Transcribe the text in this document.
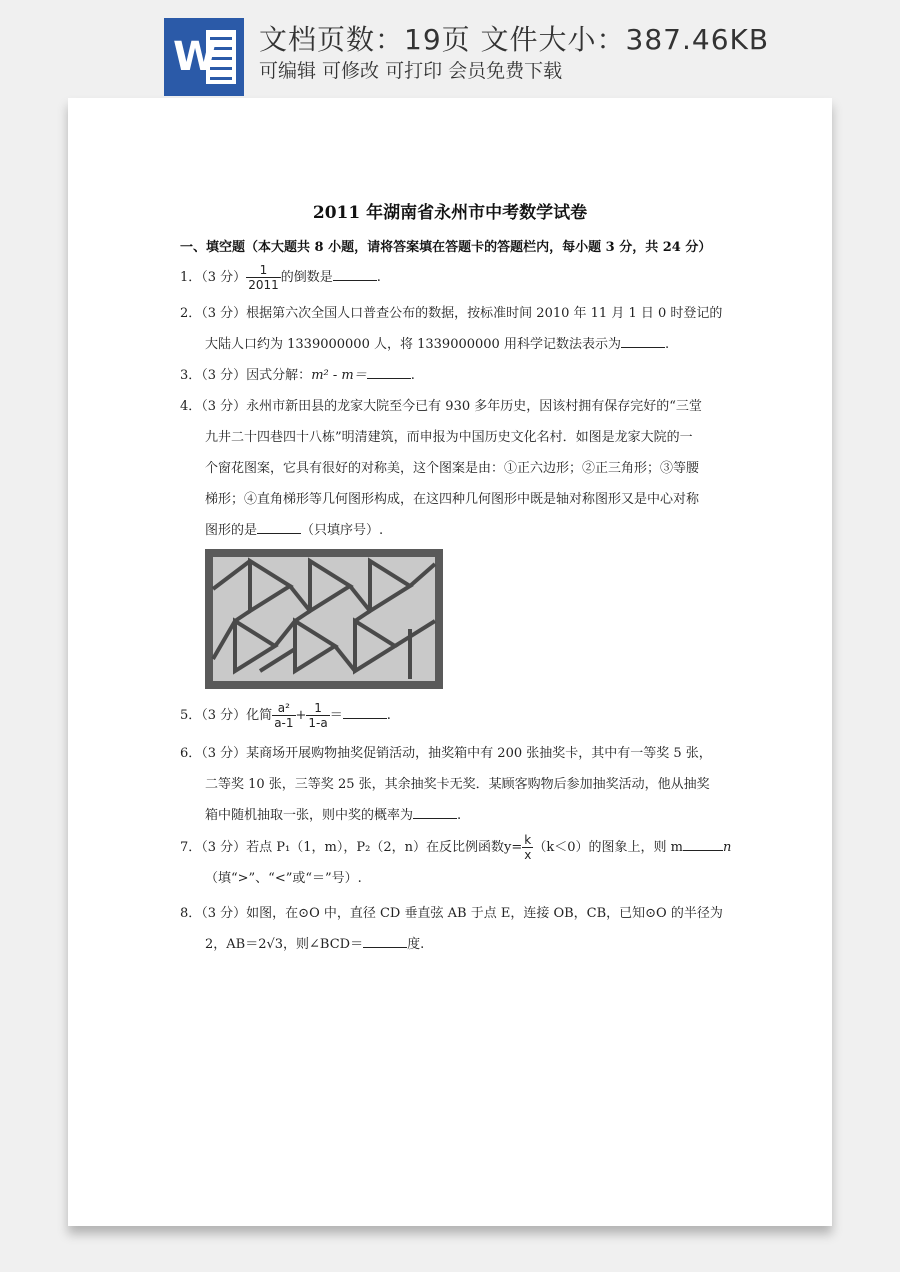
W 文档页数：19页 文件大小：387.46KB
可编辑 可修改 可打印 会员免费下载
2011 年湖南省永州市中考数学试卷
一、填空题（本大题共 8 小题，请将答案填在答题卡的答题栏内，每小题 3 分，共 24 分）
1．（3 分） $\frac{1}{2011}$ 的倒数是	.
2．（3 分）根据第六次全国人口普查公布的数据，按标准时间 2010 年 11 月 1 日 0 时登记的
大陆人口约为 1339000000 人，将 1339000000 用科学记数法表示为	.
3．（3 分）因式分解：m² - m＝	.
4．（3 分）永州市新田县的龙家大院至今已有 930 多年历史，因该村拥有保存完好的“三堂
九井二十四巷四十八栋”明清建筑，而申报为中国历史文化名村．如图是龙家大院的一
个窗花图案，它具有很好的对称美，这个图案是由：①正六边形；②正三角形；③等腰
梯形；④直角梯形等几何图形构成，在这四种几何图形中既是轴对称图形又是中心对称
图形的是	（只填序号）.
5．（3 分）化简 $\frac{\text{a²}}{a-1} + \frac{1}{1-a}$ ＝	.
6．（3 分）某商场开展购物抽奖促销活动，抽奖箱中有 200 张抽奖卡，其中有一等奖 5 张，
二等奖 10 张，三等奖 25 张，其余抽奖卡无奖．某顾客购物后参加抽奖活动，他从抽奖
箱中随机抽取一张，则中奖的概率为	.
7．（3 分）若点 P₁（1，m），P₂（2，n）在反比例函数$y= \frac{k}{x} (k<0)$的图象上，则 m	n
（填“>”、“<”或“＝”号）.
8．（3 分）如图，在⊙O 中，直径 CD 垂直弦 AB 于点 E，连接 OB，CB，已知⊙O 的半径为
2，AB＝2√3，则∠BCD＝	度.
